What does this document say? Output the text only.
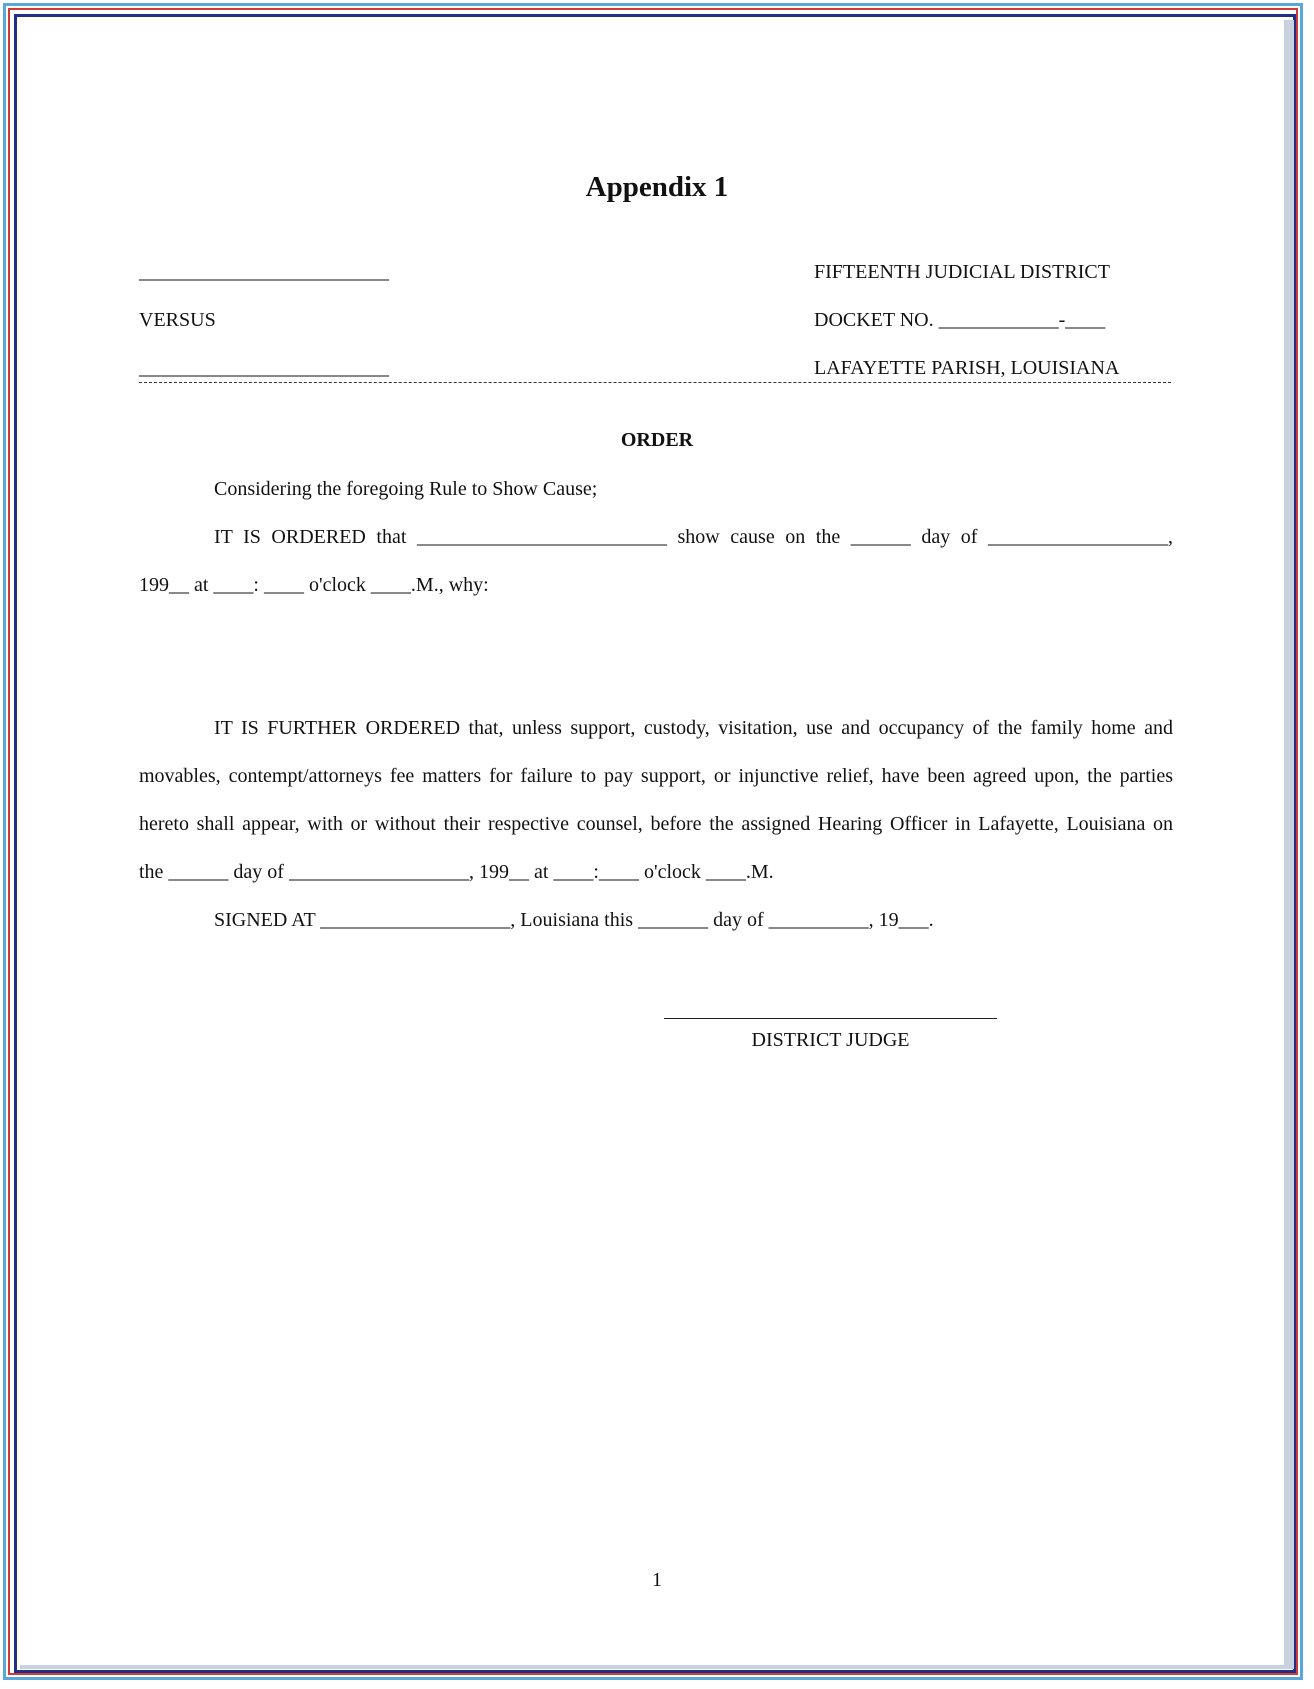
Appendix 1
_________________________
VERSUS
_________________________
FIFTEENTH JUDICIAL DISTRICT
DOCKET NO. ____________-____
LAFAYETTE PARISH, LOUISIANA
ORDER
Considering the foregoing Rule to Show Cause;
IT IS ORDERED that _________________________ show cause on the ______ day of __________________,
199__ at ____: ____ o'clock ____.M., why:
IT IS FURTHER ORDERED that, unless support, custody, visitation, use and occupancy of the family home and
movables, contempt/attorneys fee matters for failure to pay support, or injunctive relief, have been agreed upon, the parties
hereto shall appear, with or without their respective counsel, before the assigned Hearing Officer in Lafayette, Louisiana on
the ______ day of __________________, 199__ at ____:____ o'clock ____.M.
SIGNED AT ___________________, Louisiana this _______ day of __________, 19___.
DISTRICT JUDGE
1
